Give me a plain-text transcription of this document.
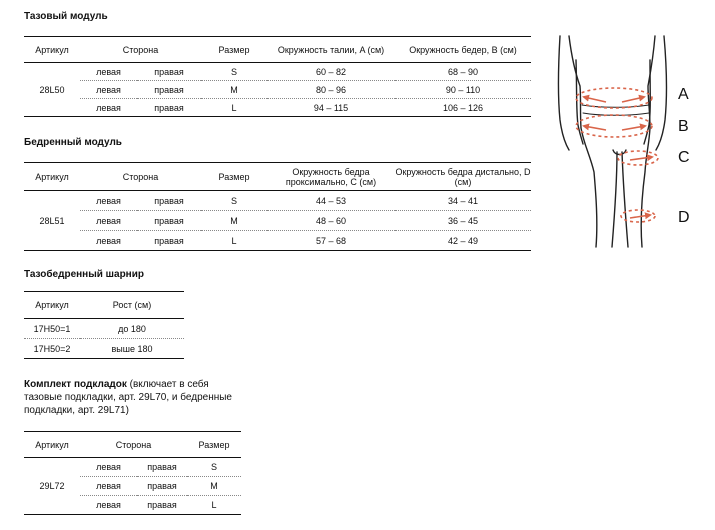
Тазовый модуль
Артикул	Сторона		Размер	Окружность талии, A (см)	Окружность бедер, B (см)
28L50	левая	правая	S	60 – 82	68 – 90
	левая	правая	M	80 – 96	90 – 110
	левая	правая	L	94 – 115	106 – 126
Бедренный модуль
Артикул	Сторона		Размер	Окружность бедра проксимально, C (см)	Окружность бедра дистально, D (см)
28L51	левая	правая	S	44 – 53	34 – 41
	левая	правая	M	48 – 60	36 – 45
	левая	правая	L	57 – 68	42 – 49
Тазобедренный шарнир
Артикул	Рост (см)
17H50=1	до 180
17H50=2	выше 180
Комплект подкладок (включает в себя тазовые подкладки, арт. 29L70, и бедренные подкладки, арт. 29L71)
Артикул	Сторона		Размер
29L72	левая	правая	S
	левая	правая	M
	левая	правая	L
A
B
C
D
